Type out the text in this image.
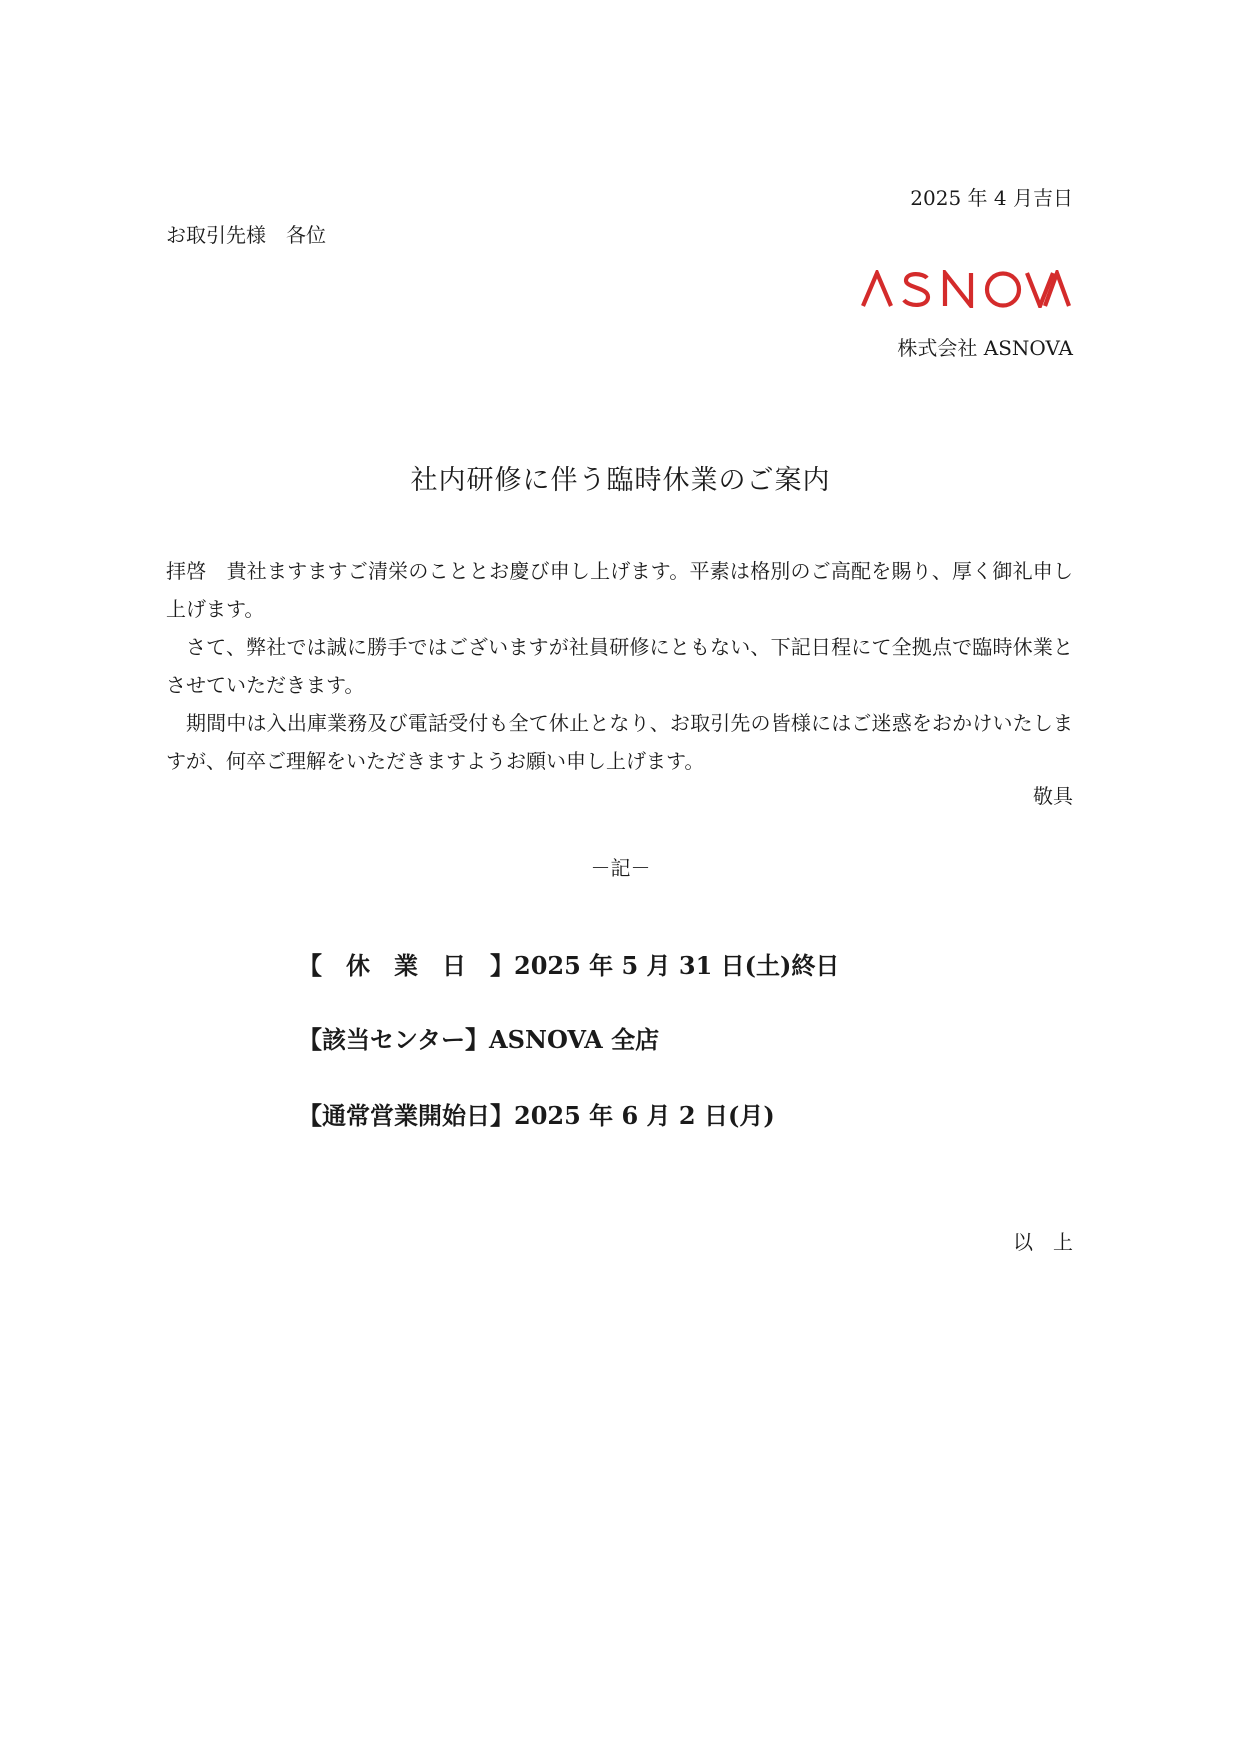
2025 年 4 月吉日
お取引先様　各位
株式会社 ASNOVA
社内研修に伴う臨時休業のご案内

拝啓　貴社ますますご清栄のこととお慶び申し上げます。平素は格別のご高配を賜り、厚く御礼申し上げます。

さて、弊社では誠に勝手ではございますが社員研修にともない、下記日程にて全拠点で臨時休業とさせていただきます。

期間中は入出庫業務及び電話受付も全て休止となり、お取引先の皆様にはご迷惑をおかけいたしますが、何卒ご理解をいただきますようお願い申し上げます。

敬具
－記－
【　休　業　日　】2025 年 5 月 31 日(土)終日
【該当センター】ASNOVA 全店
【通常営業開始日】2025 年 6 月 2 日(月)
以　上
